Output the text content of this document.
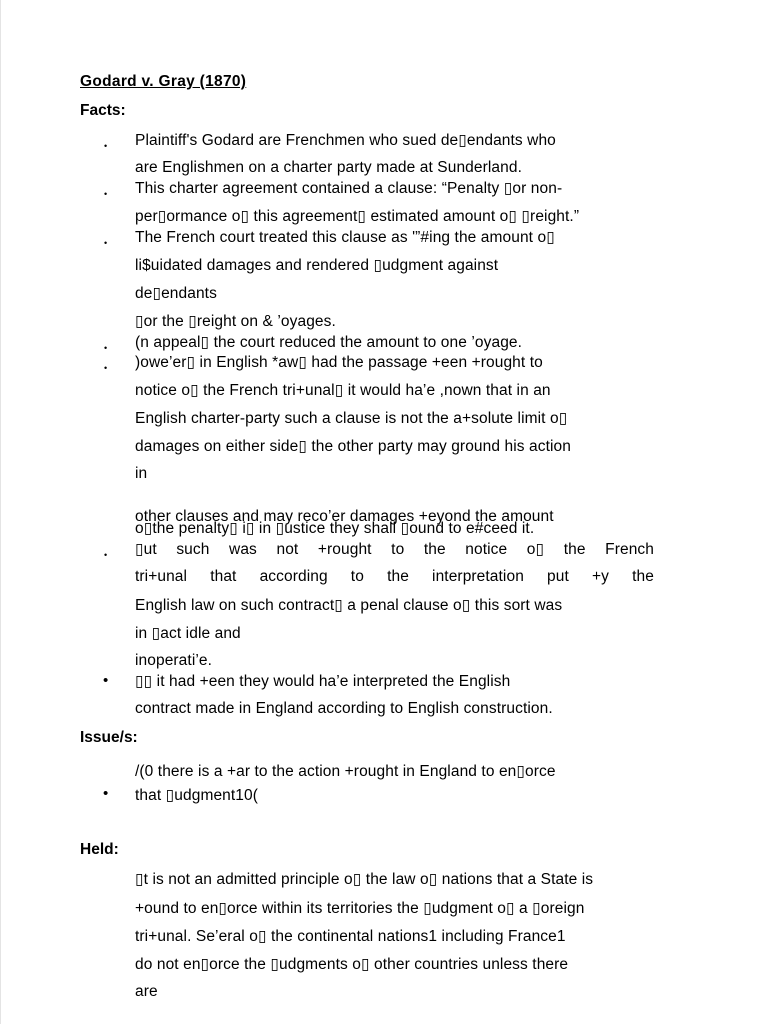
Godard v. Gray (1870)
Facts:
•
•
•
•
•
•
•
Plaintiff's Godard are Frenchmen who sued de▯endants who
are Englishmen on a charter party made at Sunderland.
This charter agreement contained a clause: “Penalty ▯or non-
per▯ormance o▯ this agreement▯ estimated amount o▯ ▯reight.”
The French court treated this clause as '”#ing the amount o▯
li$uidated damages and rendered ▯udgment against
de▯endants
▯or the ▯reight on & ’oyages.
(n appeal▯ the court reduced the amount to one ’oyage.
)owe’er▯ in English *aw▯ had the passage +een +rought to
notice o▯ the French tri+unal▯ it would ha’e ,nown that in an
English charter-party such a clause is not the a+solute limit o▯
damages on either side▯ the other party may ground his action
in
other clauses and may reco’er damages +eyond the amount
o▯the penalty▯ i▯ in ▯ustice they shall ▯ound to e#ceed it.
▯ut such was not +rought to the notice o▯ the French
tri+unal that according to the interpretation put +y the
English law on such contract▯ a penal clause o▯ this sort was
in ▯act idle and
inoperati’e.
▯▯ it had +een they would ha’e interpreted the English
contract made in England according to English construction.
Issue/s:
/(0 there is a +ar to the action +rought in England to en▯orce
• that ▯udgment10(
Held:
▯t is not an admitted principle o▯ the law o▯ nations that a State is
+ound to en▯orce within its territories the ▯udgment o▯ a ▯oreign
tri+unal. Se’eral o▯ the continental nations1 including France1
do not en▯orce the ▯udgments o▯ other countries unless there
are
